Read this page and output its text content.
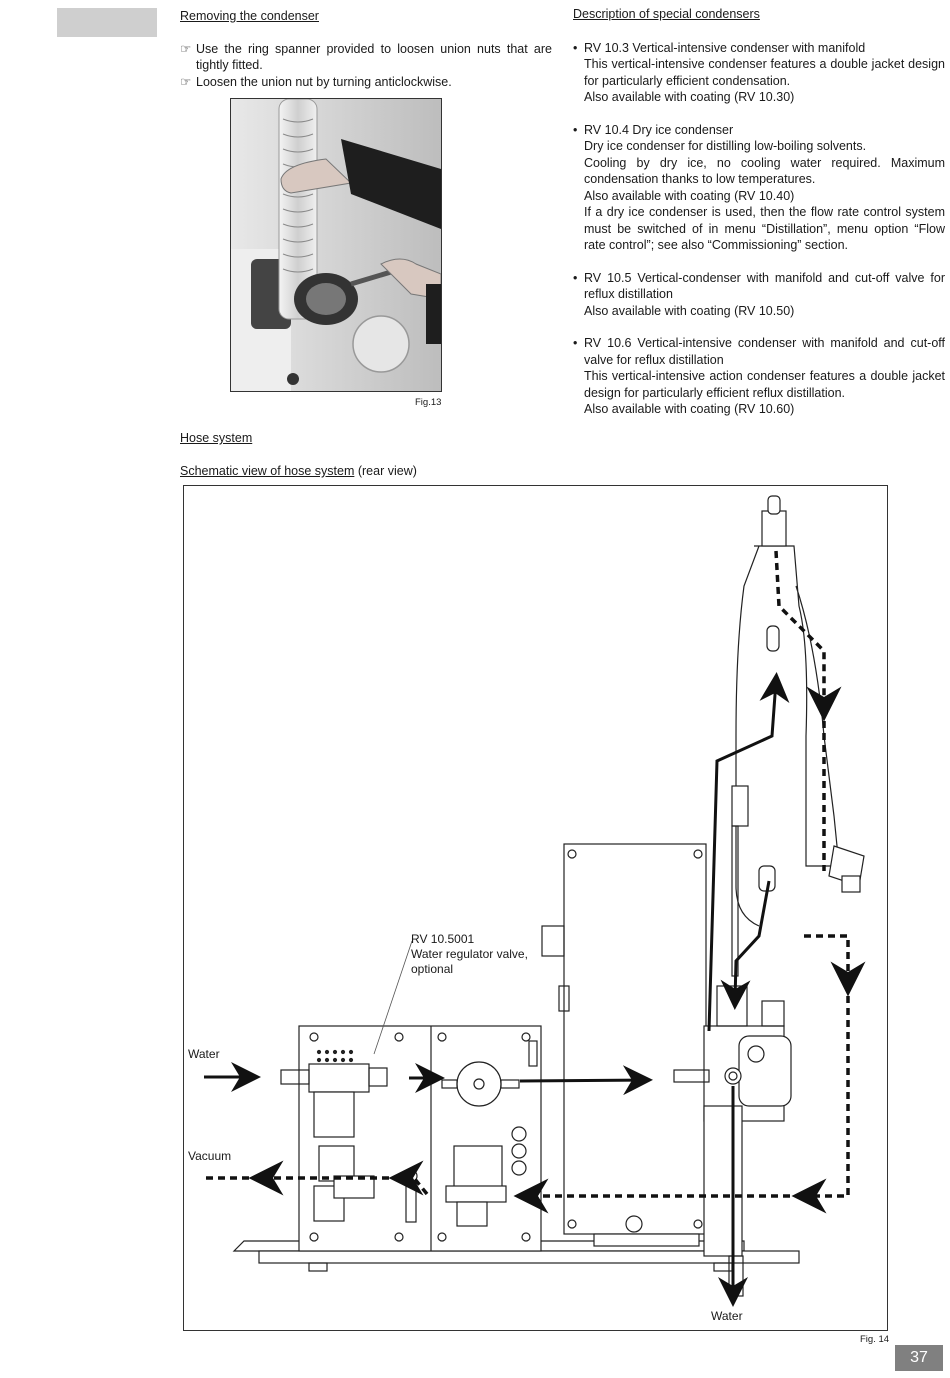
Removing the condenser
☞ Use the ring spanner provided to loosen union nuts that are tightly fitted.
☞ Loosen the union nut by turning anticlockwise.
Fig.13
Description of special condensers
• RV 10.3 Vertical-intensive condenser with manifold
This vertical-intensive condenser features a double jacket design for particularly efficient condensation.
Also available with coating (RV 10.30)
• RV 10.4 Dry ice condenser
Dry ice condenser for distilling low-boiling solvents.
Cooling by dry ice, no cooling water required. Maximum condensation thanks to low temperatures.
Also available with coating (RV 10.40)
If a dry ice condenser is used, then the flow rate control system must be switched of in menu “Distillation”, menu option “Flow rate control”; see also “Commissioning” section.
• RV 10.5 Vertical-condenser with manifold and cut-off valve for reflux distillation
Also available with coating (RV 10.50)
• RV 10.6 Vertical-intensive condenser with manifold and cut-off valve for reflux distillation
This vertical-intensive action condenser features a double jacket design for particularly efficient reflux distillation.
Also available with coating (RV 10.60)
Hose system
Schematic view of hose system (rear view)
RV 10.5001
Water regulator valve,
optional
Water
Vacuum
Water
Fig. 14
37
